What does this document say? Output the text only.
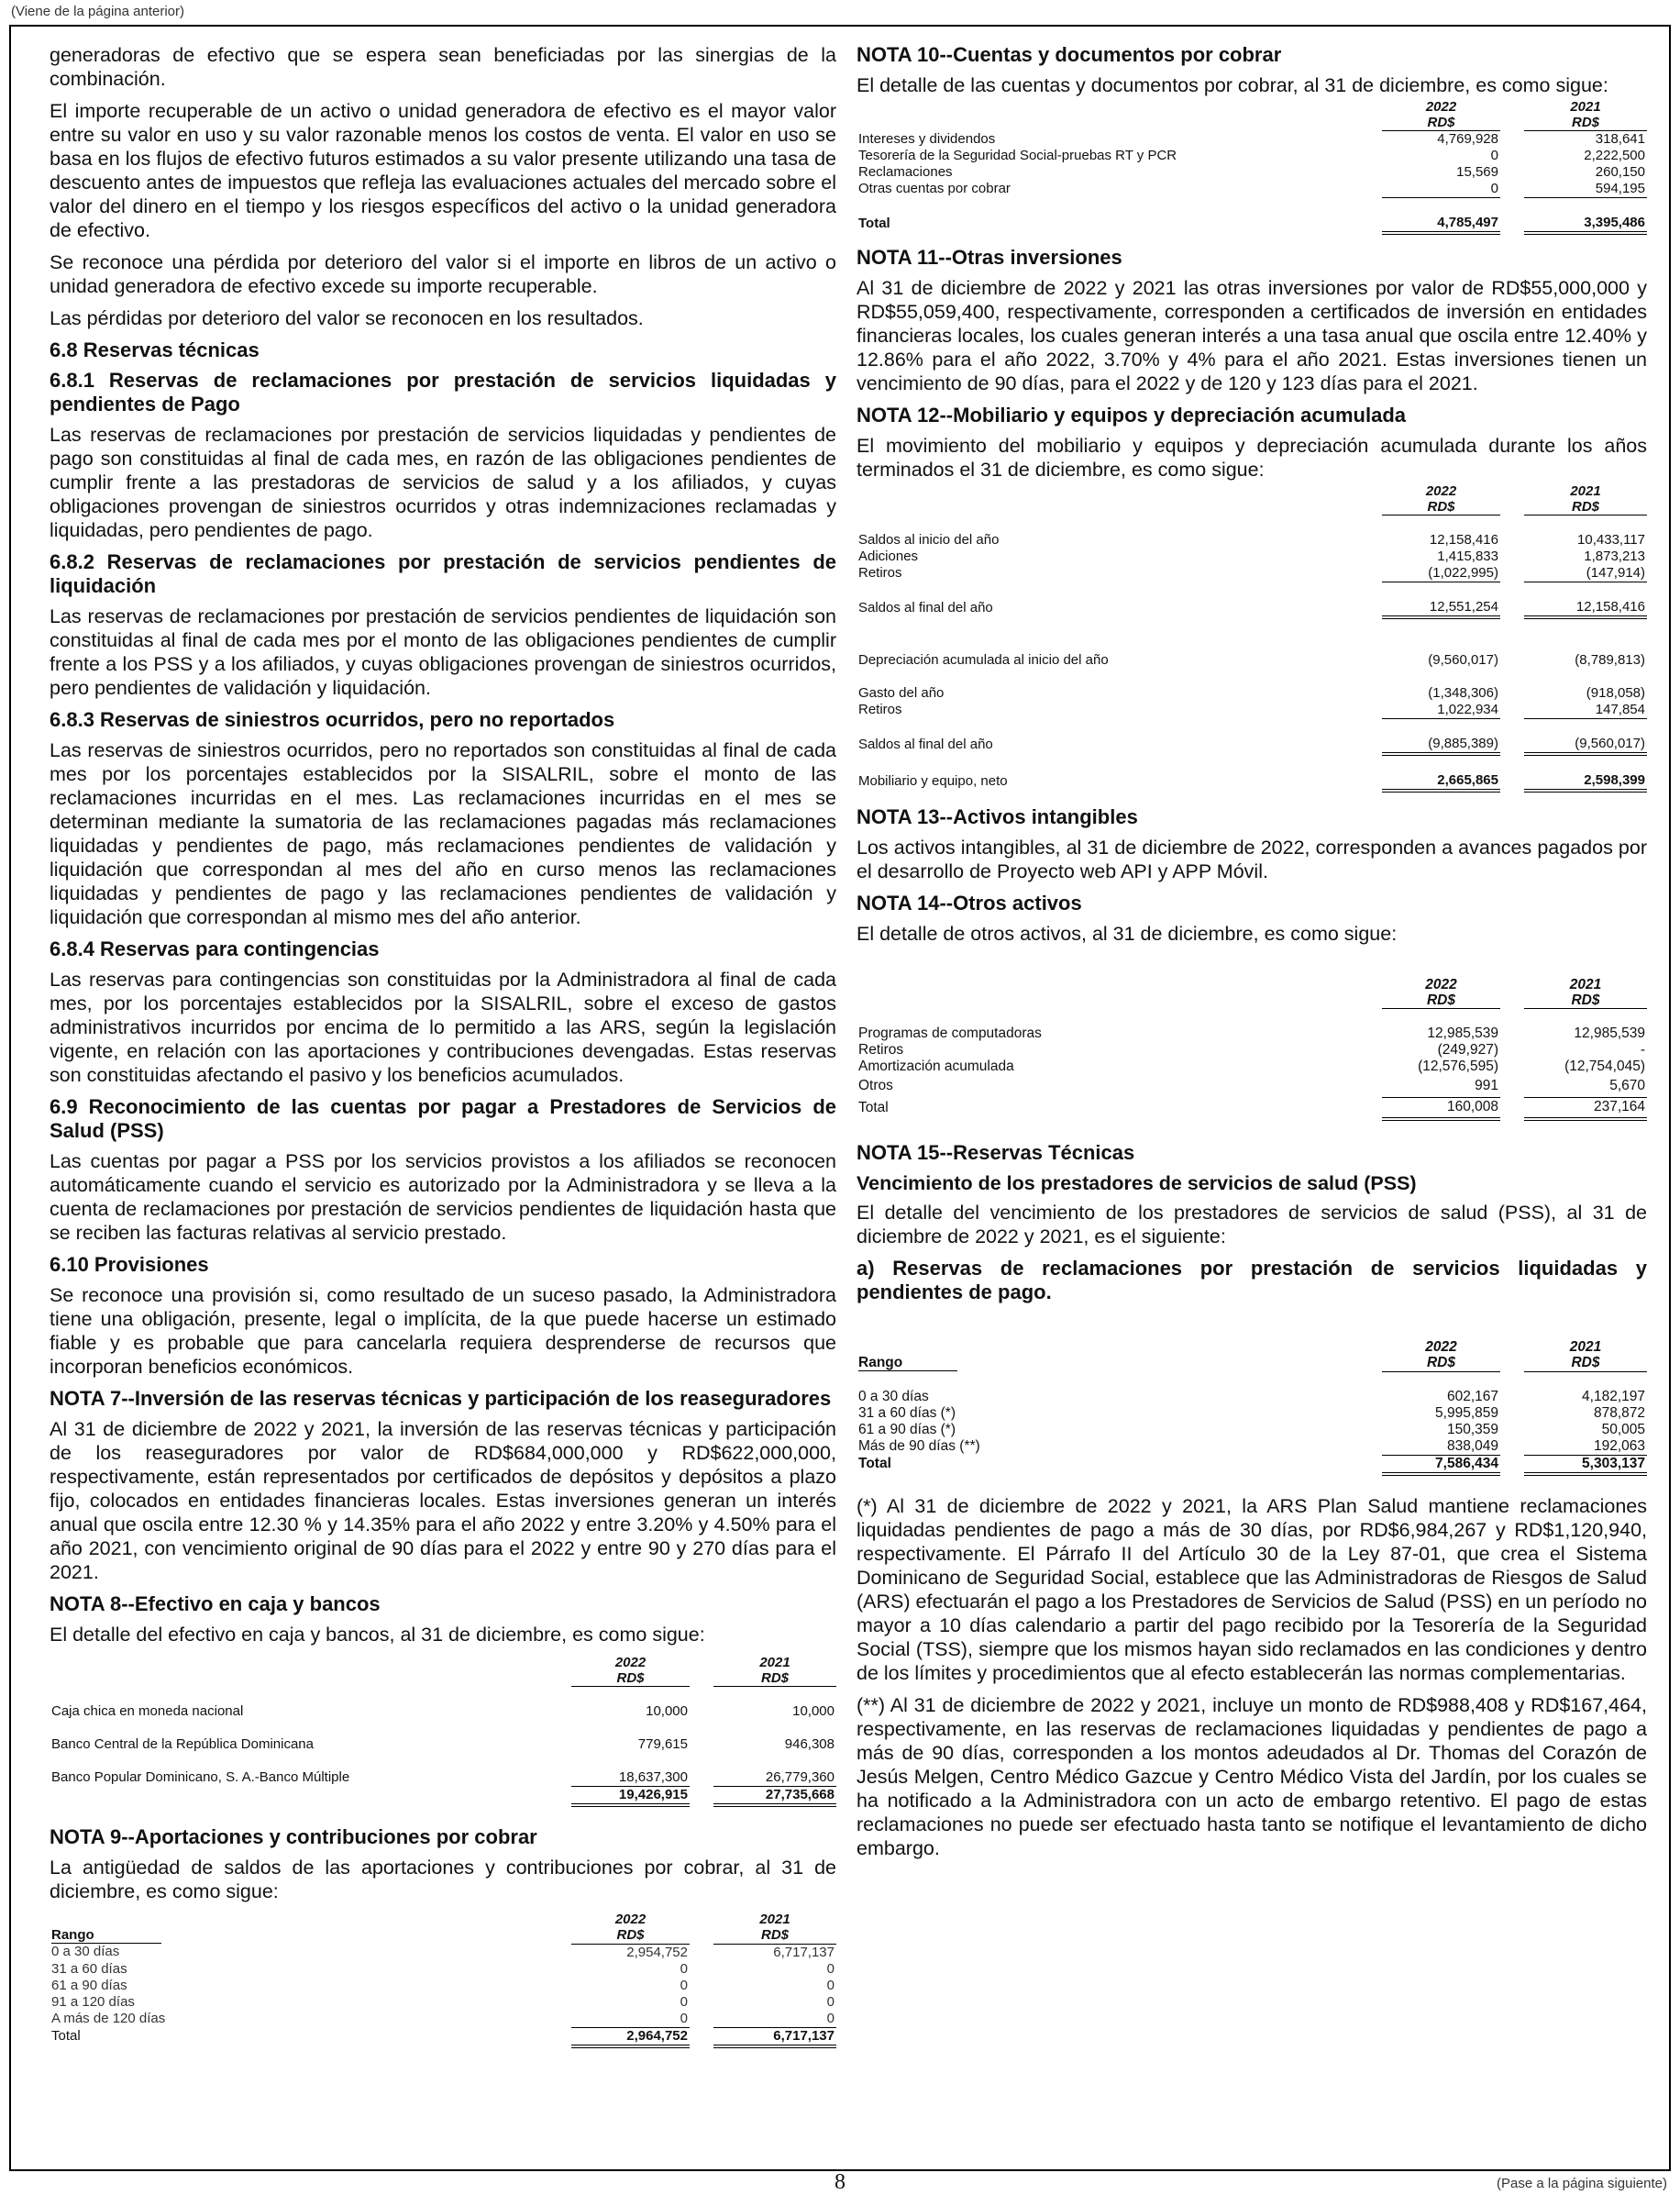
(Viene de la página anterior)

generadoras de efectivo que se espera sean beneficiadas por las sinergias de la combinación.

El importe recuperable de un activo o unidad generadora de efectivo es el mayor valor entre su valor en uso y su valor razonable menos los costos de venta. El valor en uso se basa en los flujos de efectivo futuros estimados a su valor presente utilizando una tasa de descuento antes de impuestos que refleja las evaluaciones actuales del mercado sobre el valor del dinero en el tiempo y los riesgos específicos del activo o la unidad generadora de efectivo.

Se reconoce una pérdida por deterioro del valor si el importe en libros de un activo o unidad generadora de efectivo excede su importe recuperable.

Las pérdidas por deterioro del valor se reconocen en los resultados.

6.8 Reservas técnicas
6.8.1 Reservas de reclamaciones por prestación de servicios liquidadas y pendientes de Pago

Las reservas de reclamaciones por prestación de servicios liquidadas y pendientes de pago son constituidas al final de cada mes, en razón de las obligaciones pendientes de cumplir frente a las prestadoras de servicios de salud y a los afiliados, y cuyas obligaciones provengan de siniestros ocurridos y otras indemnizaciones reclamadas y liquidadas, pero pendientes de pago.

6.8.2 Reservas de reclamaciones por prestación de servicios pendientes de liquidación

Las reservas de reclamaciones por prestación de servicios pendientes de liquidación son constituidas al final de cada mes por el monto de las obligaciones pendientes de cumplir frente a los PSS y a los afiliados, y cuyas obligaciones provengan de siniestros ocurridos, pero pendientes de validación y liquidación.

6.8.3 Reservas de siniestros ocurridos, pero no reportados

Las reservas de siniestros ocurridos, pero no reportados son constituidas al final de cada mes por los porcentajes establecidos por la SISALRIL, sobre el monto de las reclamaciones incurridas en el mes. Las reclamaciones incurridas en el mes se determinan mediante la sumatoria de las reclamaciones pagadas más reclamaciones liquidadas y pendientes de pago, más reclamaciones pendientes de validación y liquidación que correspondan al mes del año en curso menos las reclamaciones liquidadas y pendientes de pago y las reclamaciones pendientes de validación y liquidación que correspondan al mismo mes del año anterior.

6.8.4 Reservas para contingencias

Las reservas para contingencias son constituidas por la Administradora al final de cada mes, por los porcentajes establecidos por la SISALRIL, sobre el exceso de gastos administrativos incurridos por encima de lo permitido a las ARS, según la legislación vigente, en relación con las aportaciones y contribuciones devengadas. Estas reservas son constituidas afectando el pasivo y los beneficios acumulados.

6.9 Reconocimiento de las cuentas por pagar a Prestadores de Servicios de Salud (PSS)

Las cuentas por pagar a PSS por los servicios provistos a los afiliados se reconocen automáticamente cuando el servicio es autorizado por la Administradora y se lleva a la cuenta de reclamaciones por prestación de servicios pendientes de liquidación hasta que se reciben las facturas relativas al servicio prestado.

6.10 Provisiones

Se reconoce una provisión si, como resultado de un suceso pasado, la Administradora tiene una obligación, presente, legal o implícita, de la que puede hacerse un estimado fiable y es probable que para cancelarla requiera desprenderse de recursos que incorporan beneficios económicos.

NOTA 7--Inversión de las reservas técnicas y participación de los reaseguradores

Al 31 de diciembre de 2022 y 2021, la inversión de las reservas técnicas y participación de los reaseguradores por valor de RD$684,000,000 y RD$622,000,000, respectivamente, están representados por certificados de depósitos y depósitos a plazo fijo, colocados en entidades financieras locales. Estas inversiones generan un interés anual que oscila entre 12.30 % y 14.35% para el año 2022 y entre 3.20% y 4.50% para el año 2021, con vencimiento original de 90 días para el 2022 y entre 90 y 270 días para el 2021.

NOTA 8--Efectivo en caja y bancos

El detalle del efectivo en caja y bancos, al 31 de diciembre, es como sigue:

	2022		2021
	RD$		RD$

Caja chica en moneda nacional	10,000		10,000

Banco Central de la República Dominicana	779,615		946,308

Banco Popular Dominicano, S. A.-Banco Múltiple	18,637,300		26,779,360
	19,426,915		27,735,668
NOTA 9--Aportaciones y contribuciones por cobrar

La antigüedad de saldos de las aportaciones y contribuciones por cobrar, al 31 de diciembre, es como sigue:

	2022		2021
Rango	RD$		RD$
0 a 30 días	2,954,752		6,717,137
31 a 60 días	0		0
61 a 90 días	0		0
91 a 120 días	0		0
A más de 120 días	0		0
Total	2,964,752		6,717,137
NOTA 10--Cuentas y documentos por cobrar

El detalle de las cuentas y documentos por cobrar, al 31 de diciembre, es como sigue:

	2022		2021
	RD$		RD$
Intereses y dividendos	4,769,928		318,641
Tesorería de la Seguridad Social-pruebas RT y PCR	0		2,222,500
Reclamaciones	15,569		260,150
Otras cuentas por cobrar	0		594,195

Total	4,785,497		3,395,486
NOTA 11--Otras inversiones

Al 31 de diciembre de 2022 y 2021 las otras inversiones por valor de RD$55,000,000 y RD$55,059,400, respectivamente, corresponden a certificados de inversión en entidades financieras locales, los cuales generan interés a una tasa anual que oscila entre 12.40% y 12.86% para el año 2022, 3.70% y 4% para el año 2021. Estas inversiones tienen un vencimiento de 90 días, para el 2022 y de 120 y 123 días para el 2021.

NOTA 12--Mobiliario y equipos y depreciación acumulada

El movimiento del mobiliario y equipos y depreciación acumulada durante los años terminados el 31 de diciembre, es como sigue:

	2022		2021
	RD$		RD$

Saldos al inicio del año	12,158,416		10,433,117
Adiciones	1,415,833		1,873,213
Retiros	(1,022,995)		(147,914)

Saldos al final del año	12,551,254		12,158,416

Depreciación acumulada al inicio del año	(9,560,017)		(8,789,813)

Gasto del año	(1,348,306)		(918,058)
Retiros	1,022,934		147,854

Saldos al final del año	(9,885,389)		(9,560,017)

Mobiliario y equipo, neto	2,665,865		2,598,399
NOTA 13--Activos intangibles

Los activos intangibles, al 31 de diciembre de 2022, corresponden a avances pagados por el desarrollo de Proyecto web API y APP Móvil.

NOTA 14--Otros activos

El detalle de otros activos, al 31 de diciembre, es como sigue:

	2022		2021
	RD$		RD$

Programas de computadoras	12,985,539		12,985,539
Retiros	(249,927)		-
Amortización acumulada	(12,576,595)		(12,754,045)
Otros	991		5,670
Total	160,008		237,164
NOTA 15--Reservas Técnicas
Vencimiento de los prestadores de servicios de salud (PSS)

El detalle del vencimiento de los prestadores de servicios de salud (PSS), al 31 de diciembre de 2022 y 2021, es el siguiente:

a) Reservas de reclamaciones por prestación de servicios liquidadas y pendientes de pago.
	2022		2021
Rango	RD$		RD$

0 a 30 días	602,167		4,182,197
31 a 60 días (*)	5,995,859		878,872
61 a 90 días (*)	150,359		50,005
Más de 90 días (**)	838,049		192,063
Total	7,586,434		5,303,137

(*) Al 31 de diciembre de 2022 y 2021, la ARS Plan Salud mantiene reclamaciones liquidadas pendientes de pago a más de 30 días, por RD$6,984,267 y RD$1,120,940, respectivamente. El Párrafo II del Artículo 30 de la Ley 87-01, que crea el Sistema Dominicano de Seguridad Social, establece que las Administradoras de Riesgos de Salud (ARS) efectuarán el pago a los Prestadores de Servicios de Salud (PSS) en un período no mayor a 10 días calendario a partir del pago recibido por la Tesorería de la Seguridad Social (TSS), siempre que los mismos hayan sido reclamados en las condiciones y dentro de los límites y procedimientos que al efecto establecerán las normas complementarias.

(**) Al 31 de diciembre de 2022 y 2021, incluye un monto de RD$988,408 y RD$167,464, respectivamente, en las reservas de reclamaciones liquidadas y pendientes de pago a más de 90 días, corresponden a los montos adeudados al Dr. Thomas del Corazón de Jesús Melgen, Centro Médico Gazcue y Centro Médico Vista del Jardín, por los cuales se ha notificado a la Administradora con un acto de embargo retentivo. El pago de estas reclamaciones no puede ser efectuado hasta tanto se notifique el levantamiento de dicho embargo.

8	(Pase a la página siguiente)
